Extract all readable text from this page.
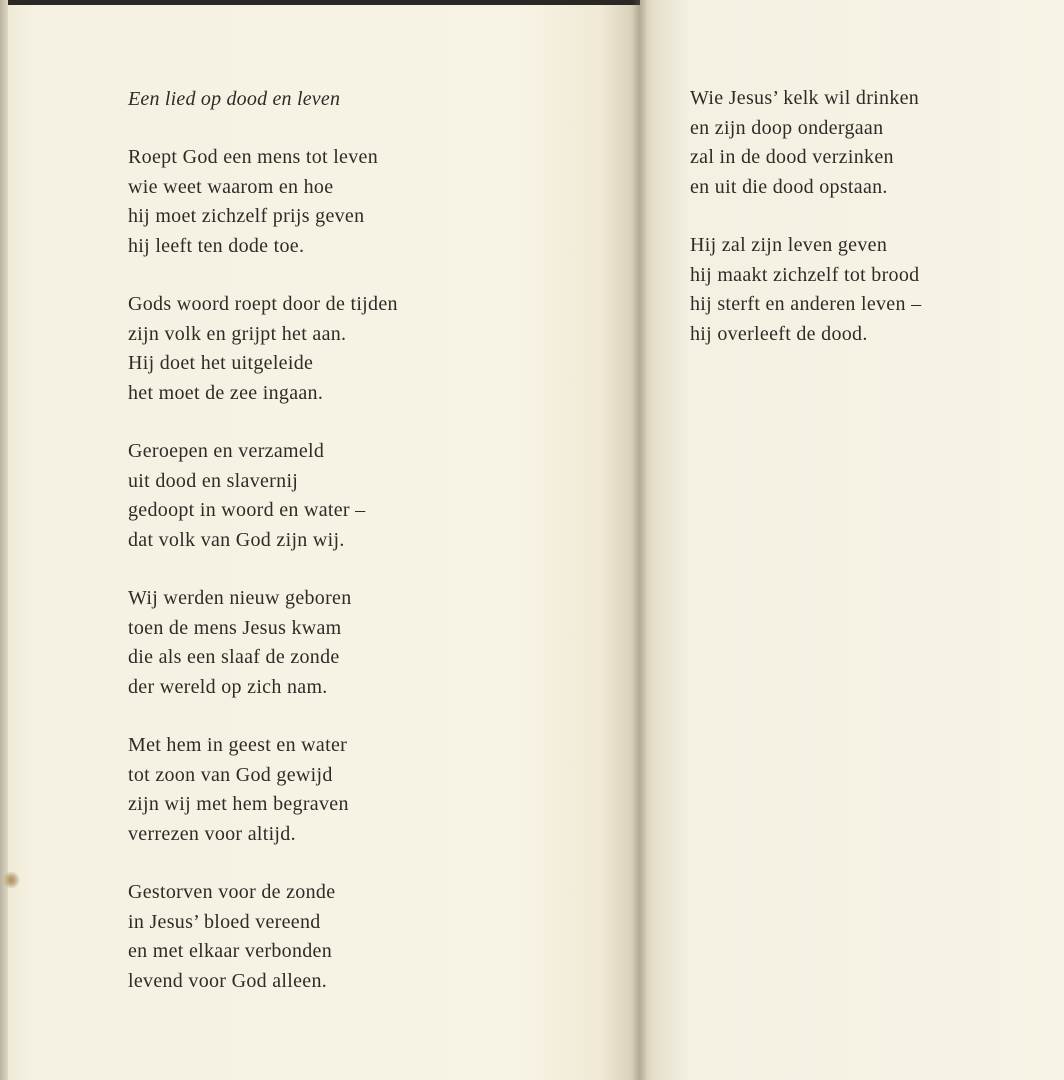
Een lied op dood en leven
Roept God een mens tot leven
wie weet waarom en hoe
hij moet zichzelf prijs geven
hij leeft ten dode toe.
Gods woord roept door de tijden
zijn volk en grijpt het aan.
Hij doet het uitgeleide
het moet de zee ingaan.
Geroepen en verzameld
uit dood en slavernij
gedoopt in woord en water –
dat volk van God zijn wij.
Wij werden nieuw geboren
toen de mens Jesus kwam
die als een slaaf de zonde
der wereld op zich nam.
Met hem in geest en water
tot zoon van God gewijd
zijn wij met hem begraven
verrezen voor altijd.
Gestorven voor de zonde
in Jesus’ bloed vereend
en met elkaar verbonden
levend voor God alleen.
Wie Jesus’ kelk wil drinken
en zijn doop ondergaan
zal in de dood verzinken
en uit die dood opstaan.
Hij zal zijn leven geven
hij maakt zichzelf tot brood
hij sterft en anderen leven –
hij overleeft de dood.
